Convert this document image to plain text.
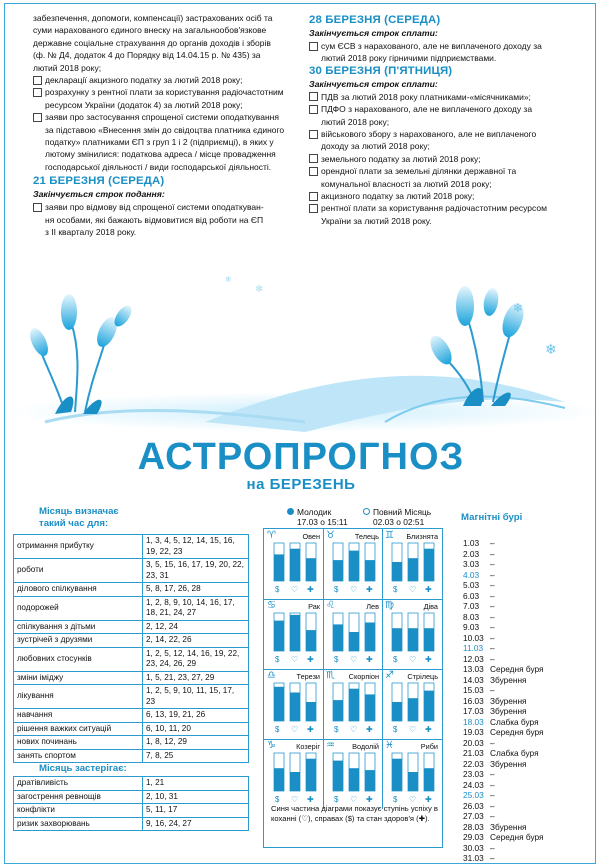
забезпечення, допомоги, компенсації) застрахованих осіб та
суми нарахованого єдиного внеску на загальнообов'язкове
державне соціальне страхування до органів доходів і зборів
(ф. № Д4, додаток 4 до Порядку від 14.04.15 р. № 435) за
лютий 2018 року;
декларації акцизного податку за лютий 2018 року;
розрахунку з рентної плати за користування радіочастотним
ресурсом України (додаток 4) за лютий 2018 року;
заяви про застосування спрощеної системи оподаткування
за підставою «Внесення змін до свідоцтва платника єдиного
податку» платниками ЄП з груп 1 і 2 (підприємці), в яких у
лютому змінилися: податкова адреса / місце провадження
господарської діяльності / види господарської діяльності.
21 БЕРЕЗНЯ (СЕРЕДА)
Закінчується строк подання:
заяви про відмову від спрощеної системи оподаткуван-
ня особами, які бажають відмовитися від роботи на ЄП
з ІІ кварталу 2018 року.
28 БЕРЕЗНЯ (СЕРЕДА)
Закінчується строк сплати:
сум ЄСВ з нарахованого, але не виплаченого доходу за
лютий 2018 року гірничими підприємствами.
30 БЕРЕЗНЯ (П'ЯТНИЦЯ)
Закінчується строк сплати:
ПДВ за лютий 2018 року платниками-«місячниками»;
ПДФО з нарахованого, але не виплаченого доходу за
лютий 2018 року;
військового збору з нарахованого, але не виплаченого
доходу за лютий 2018 року;
земельного податку за лютий 2018 року;
орендної плати за земельні ділянки державної та
комунальної власності за лютий 2018 року;
акцизного податку за лютий 2018 року;
рентної плати за користування радіочастотним ресурсом
України за лютий 2018 року.
❄
❄
❄
❄
АСТРОПРОГНОЗ
на БЕРЕЗЕНЬ
Місяць визначає
такий час для:
отримання прибутку	1, 3, 4, 5, 12, 14, 15, 16, 19, 22, 23
роботи	3, 5, 15, 16, 17, 19, 20, 22, 23, 31
ділового спілкування	5, 8, 17, 26, 28
подорожей	1, 2, 8, 9, 10, 14, 16, 17, 18, 21, 24, 27
спілкування з дітьми	2, 12, 24
зустрічей з друзями	2, 14, 22, 26
любовних стосунків	1, 2, 5, 12, 14, 16, 19, 22, 23, 24, 26, 29
зміни іміджу	1, 5, 21, 23, 27, 29
лікування	1, 2, 5, 9, 10, 11, 15, 17, 23
навчання	6, 13, 19, 21, 26
рішення важких ситуацій	6, 10, 11, 20
нових починань	1, 8, 12, 29
занять спортом	7, 8, 25
Місяць застерігає:
дратівливість	1, 21
загострення ревнощів	2, 10, 31
конфлікти	5, 11, 17
ризик захворювань	9, 16, 24, 27
Молодик
17.03 о 15:11
Повний Місяць
02.03 о 02:51
♈	Овен
$ ♡ ✚
♉	Телець
$ ♡ ✚
♊ Близнята
$ ♡ ✚
♋	Рак
$ ♡ ✚
♌	Лев
$ ♡ ✚
♍	Діва
$ ♡ ✚
♎	Терези
$ ♡ ✚
♏ Скорпіон
$ ♡ ✚
♐ Стрілець
$ ♡ ✚
♑	Козеріг
$ ♡ ✚
♒ Водолій
$ ♡ ✚
♓	Риби
$ ♡ ✚
Синя частина діаграми показує ступінь успіху в коханні (♡), справах ($) та стан здоров'я (✚).
Магнітні бурі
1.03	–
2.03	–
3.03	–
4.03	–
5.03	–
6.03	–
7.03	–
8.03	–
9.03	–
10.03 –
11.03 –
12.03 –
13.03 Середня буря
14.03 Збурення
15.03 –
16.03 Збурення
17.03 Збурення
18.03 Слабка буря
19.03 Середня буря
20.03 –
21.03 Слабка буря
22.03 Збурення
23.03 –
24.03 –
25.03 –
26.03 –
27.03 –
28.03 Збурення
29.03 Середня буря
30.03 –
31.03 –
